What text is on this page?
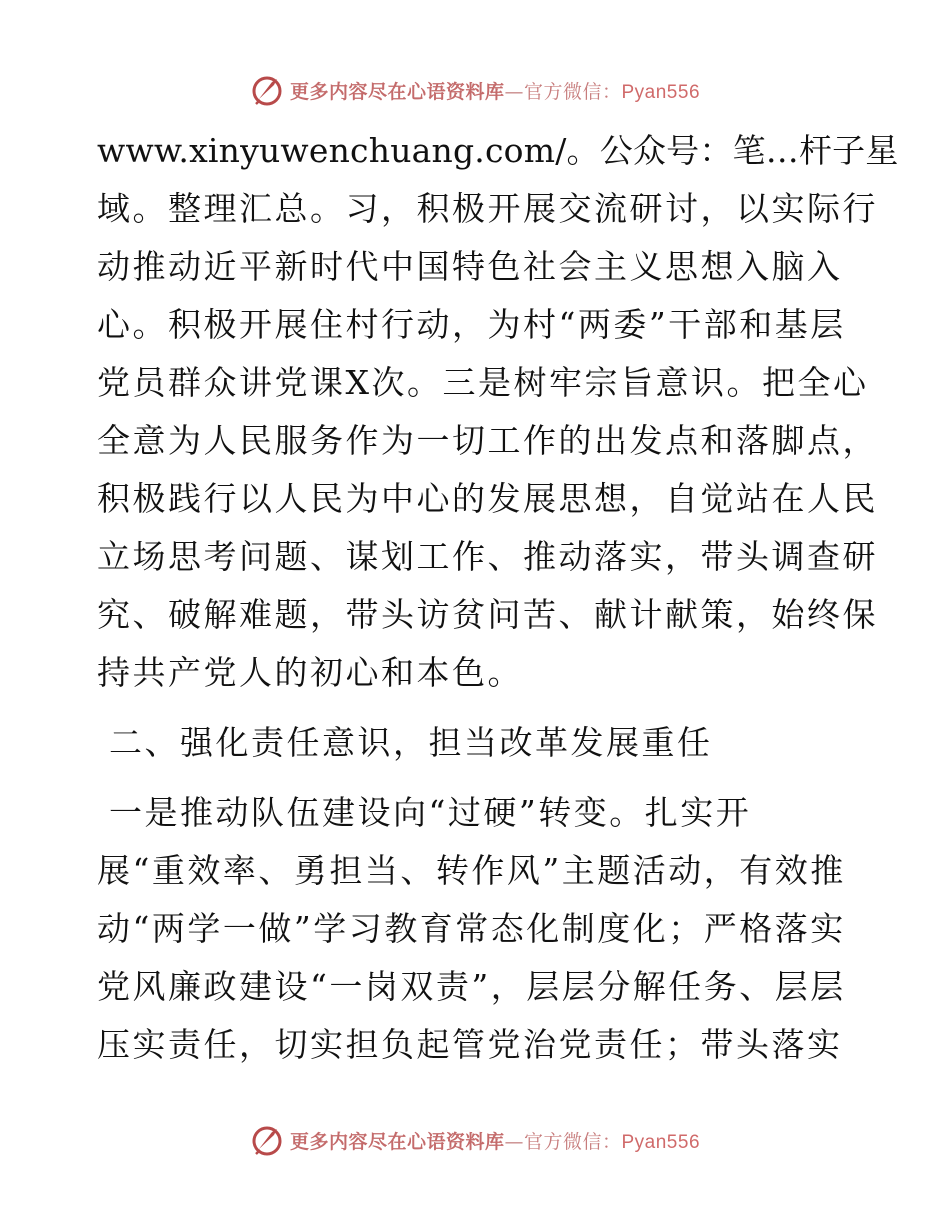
更多内容尽在心语资料库—官方微信：Pyan556
www.xinyuwenchuang.com/。公众号：笔…杆子星
域。整理汇总。习，积极开展交流研讨，以实际行
动推动近平新时代中国特色社会主义思想入脑入
心。积极开展住村行动，为村“两委”干部和基层
党员群众讲党课X次。三是树牢宗旨意识。把全心
全意为人民服务作为一切工作的出发点和落脚点，
积极践行以人民为中心的发展思想，自觉站在人民
立场思考问题、谋划工作、推动落实，带头调查研
究、破解难题，带头访贫问苦、献计献策，始终保
持共产党人的初心和本色。
二、强化责任意识，担当改革发展重任
一是推动队伍建设向“过硬”转变。扎实开
展“重效率、勇担当、转作风”主题活动，有效推
动“两学一做”学习教育常态化制度化；严格落实
党风廉政建设“一岗双责”，层层分解任务、层层
压实责任，切实担负起管党治党责任；带头落实
更多内容尽在心语资料库—官方微信：Pyan556
